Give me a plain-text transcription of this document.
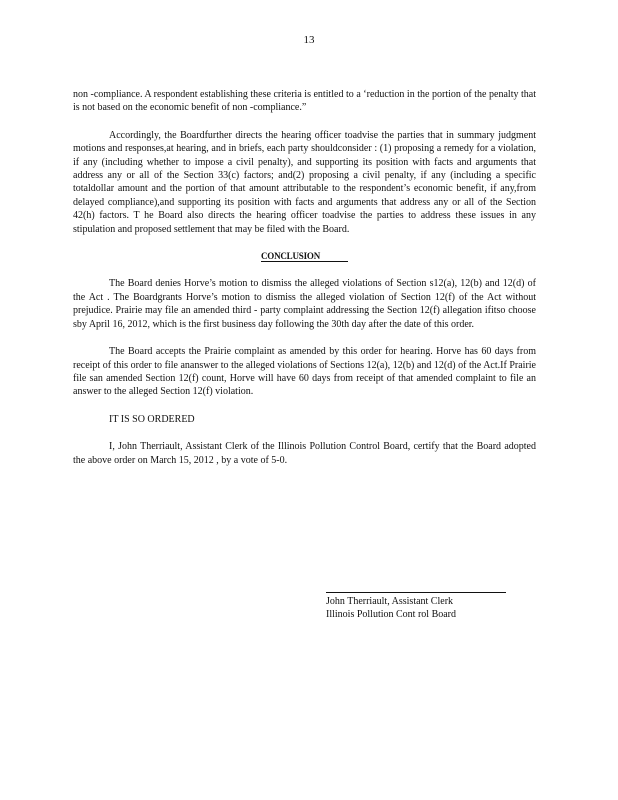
13

non -compliance. A respondent establishing these criteria is entitled to a ‘reduction in the portion of the penalty that is not based on the economic benefit of non -compliance.”

Accordingly, the Boardfurther directs the hearing officer toadvise the parties that in summary judgment motions and responses,at hearing, and in briefs, each party shouldconsider : (1) proposing a remedy for a violation, if any (including whether to impose a civil penalty), and supporting its position with facts and arguments that address any or all of the Section 33(c) factors; and(2) proposing a civil penalty, if any (including a specific totaldollar amount and the portion of that amount attributable to the respondent’s economic benefit, if any,from delayed compliance),and supporting its position with facts and arguments that address any or all of the Section 42(h) factors. T he Board also directs the hearing officer toadvise the parties to address these issues in any stipulation and proposed settlement that may be filed with the Board.

CONCLUSION

The Board denies Horve’s motion to dismiss the alleged violations of Section s12(a), 12(b) and 12(d) of the Act . The Boardgrants Horve’s motion to dismiss the alleged violation of Section 12(f) of the Act without prejudice. Prairie may file an amended third - party complaint addressing the Section 12(f) allegation ifitso choose sby April 16, 2012, which is the first business day following the 30th day after the date of this order.

The Board accepts the Prairie complaint as amended by this order for hearing. Horve has 60 days from receipt of this order to file ananswer to the alleged violations of Sections 12(a), 12(b) and 12(d) of the Act.If Prairie file san amended Section 12(f) count, Horve will have 60 days from receipt of that amended complaint to file an answer to the alleged Section 12(f) violation.

IT IS SO ORDERED

I, John Therriault, Assistant Clerk of the Illinois Pollution Control Board, certify that the Board adopted the above order on March 15, 2012 , by a vote of 5-0.

John Therriault, Assistant Clerk
Illinois Pollution Cont rol Board
